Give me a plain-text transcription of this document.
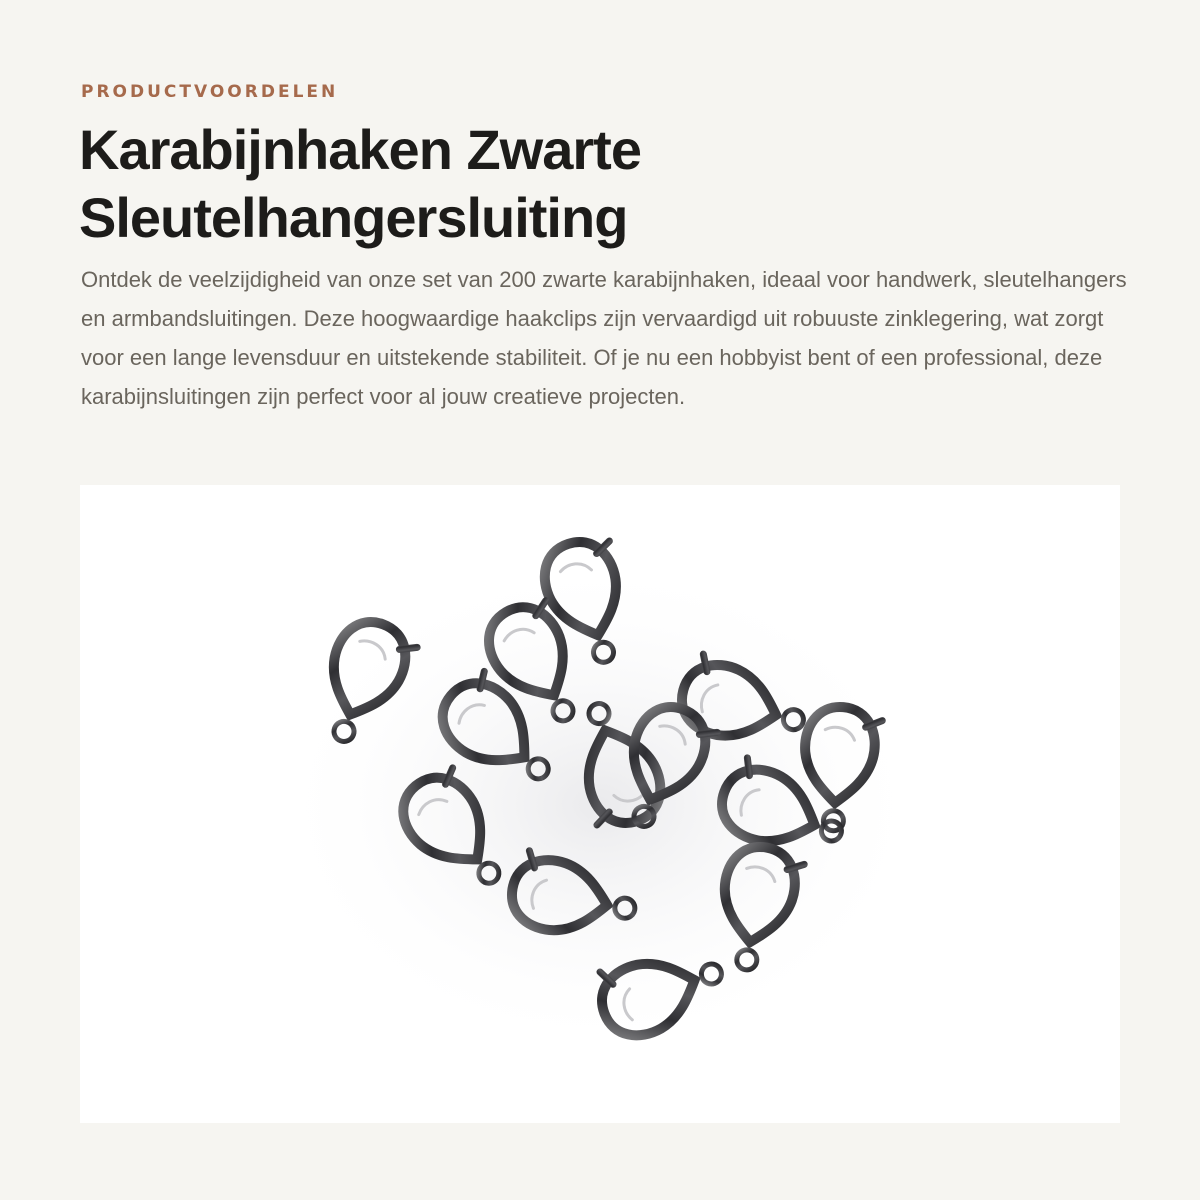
PRODUCTVOORDELEN

Karabijnhaken Zwarte Sleutelhangersluiting

Ontdek de veelzijdigheid van onze set van 200 zwarte karabijnhaken, ideaal voor handwerk, sleutelhangers en armbandsluitingen. Deze hoogwaardige haakclips zijn vervaardigd uit robuuste zinklegering, wat zorgt voor een lange levensduur en uitstekende stabiliteit. Of je nu een hobbyist bent of een professional, deze karabijnsluitingen zijn perfect voor al jouw creatieve projecten.
